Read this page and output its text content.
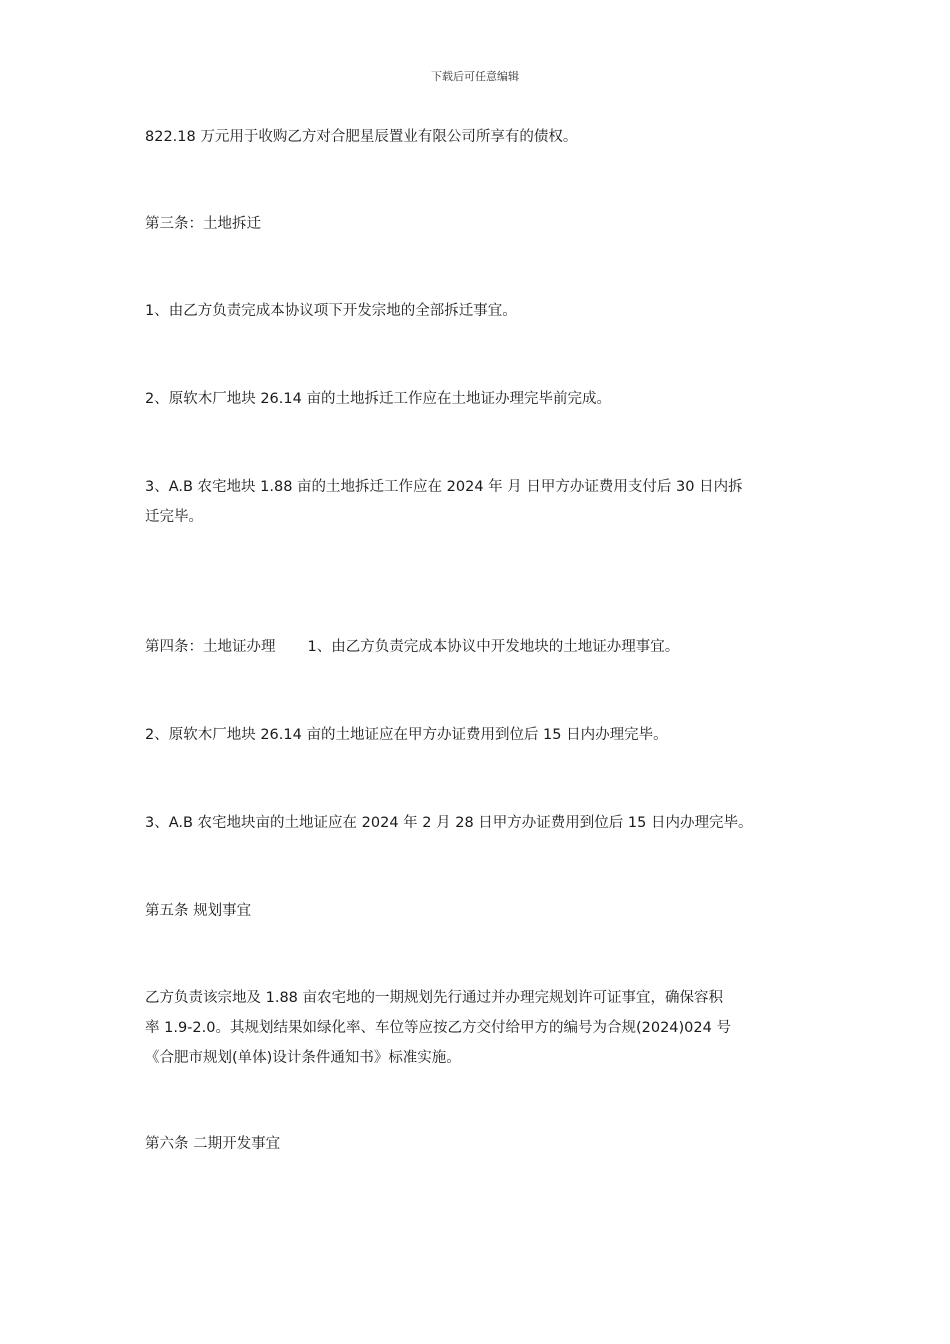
下载后可任意编辑
822.18 万元用于收购乙方对合肥星辰置业有限公司所享有的债权。
第三条：土地拆迁
1、由乙方负责完成本协议项下开发宗地的全部拆迁事宜。
2、原软木厂地块 26.14 亩的土地拆迁工作应在土地证办理完毕前完成。
3、A.B 农宅地块 1.88 亩的土地拆迁工作应在 2024 年 月 日甲方办证费用支付后 30 日内拆
迁完毕。
第四条：土地证办理 1、由乙方负责完成本协议中开发地块的土地证办理事宜。
2、原软木厂地块 26.14 亩的土地证应在甲方办证费用到位后 15 日内办理完毕。
3、A.B 农宅地块亩的土地证应在 2024 年 2 月 28 日甲方办证费用到位后 15 日内办理完毕。
第五条 规划事宜
乙方负责该宗地及 1.88 亩农宅地的一期规划先行通过并办理完规划许可证事宜，确保容积
率 1.9-2.0。其规划结果如绿化率、车位等应按乙方交付给甲方的编号为合规(2024)024 号
《合肥市规划(单体)设计条件通知书》标准实施。
第六条 二期开发事宜
